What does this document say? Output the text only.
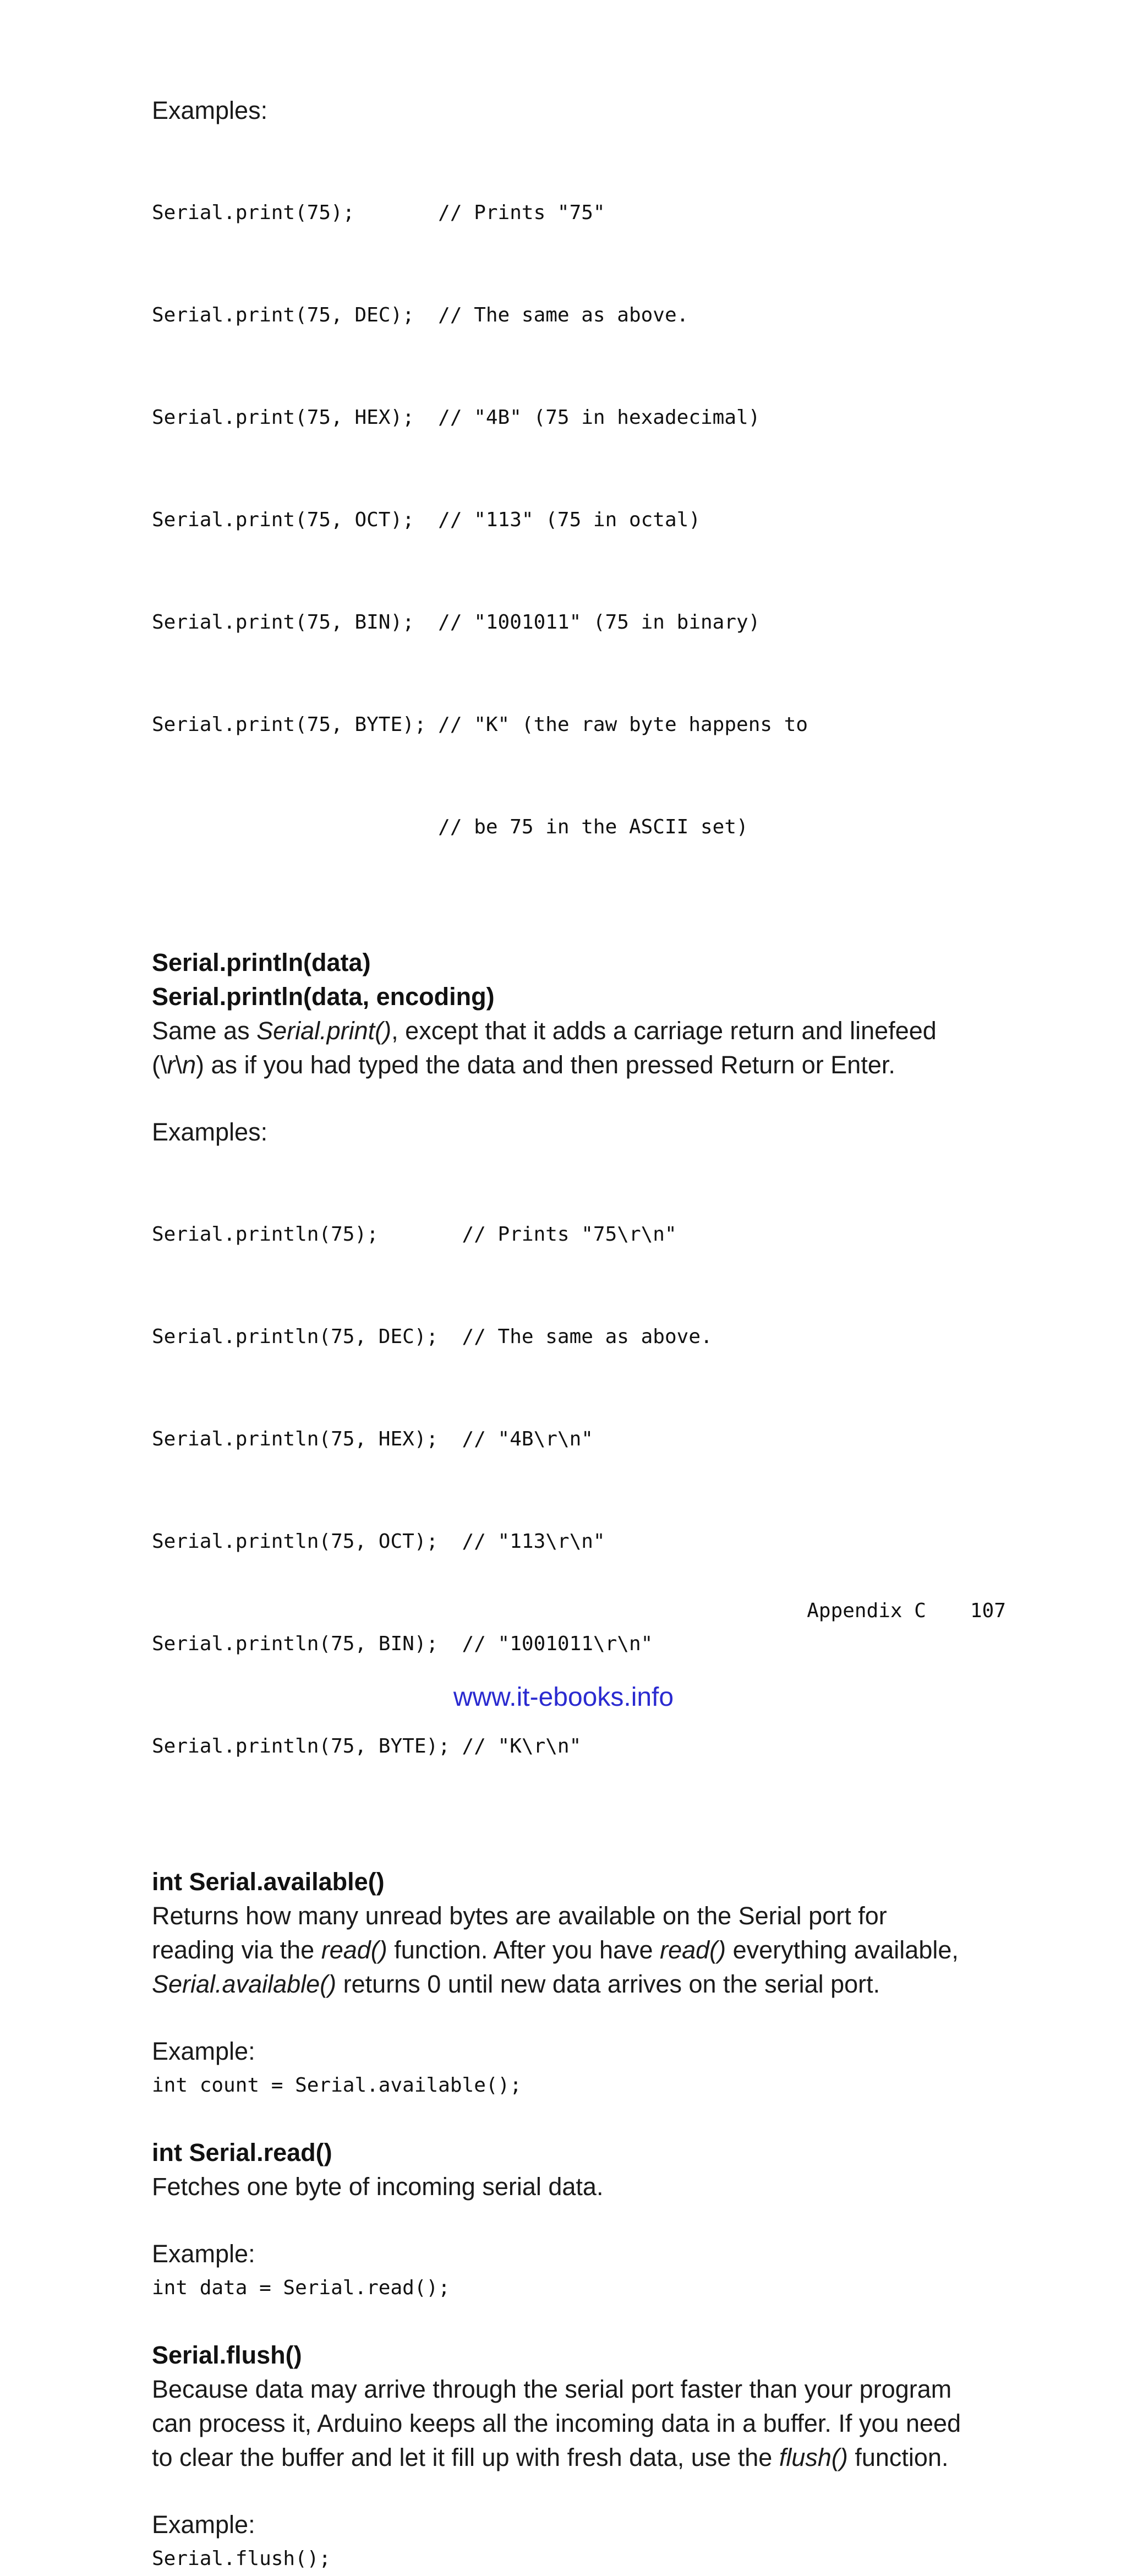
Examples:

Serial.print(75);       // Prints "75"

Serial.print(75, DEC);  // The same as above.

Serial.print(75, HEX);  // "4B" (75 in hexadecimal)

Serial.print(75, OCT);  // "113" (75 in octal)

Serial.print(75, BIN);  // "1001011" (75 in binary)

Serial.print(75, BYTE); // "K" (the raw byte happens to

// be 75 in the ASCII set)

Serial.println(data)
Serial.println(data, encoding)
Same as Serial.print(), except that it adds a carriage return and linefeed
(\r\n) as if you had typed the data and then pressed Return or Enter.
Examples:

Serial.println(75);       // Prints "75\r\n"

Serial.println(75, DEC);  // The same as above.

Serial.println(75, HEX);  // "4B\r\n"

Serial.println(75, OCT);  // "113\r\n"

Serial.println(75, BIN);  // "1001011\r\n"

Serial.println(75, BYTE); // "K\r\n"

int Serial.available()
Returns how many unread bytes are available on the Serial port for
reading via the read() function. After you have read() everything available,
Serial.available() returns 0 until new data arrives on the serial port.
Example:
int count = Serial.available();
int Serial.read()
Fetches one byte of incoming serial data.
Example:
int data = Serial.read();
Serial.flush()
Because data may arrive through the serial port faster than your program
can process it, Arduino keeps all the incoming data in a buffer. If you need
to clear the buffer and let it fill up with fresh data, use the flush() function.
Example:
Serial.flush();
Appendix C 107
www.it-ebooks.info
